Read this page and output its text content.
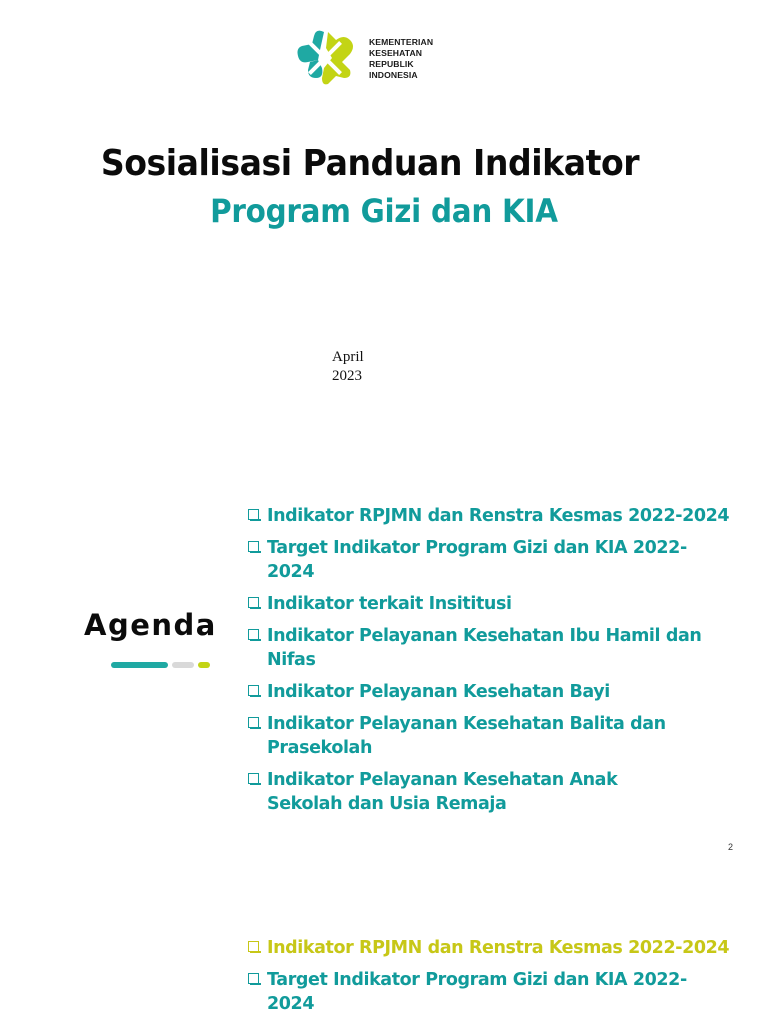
KEMENTERIAN
KESEHATAN
REPUBLIK
INDONESIA
Sosialisasi Panduan Indikator
Program Gizi dan KIA
April
2023
Agenda
Indikator RPJMN dan Renstra Kesmas 2022-2024
Target Indikator Program Gizi dan KIA 2022-2024
Indikator terkait Insititusi
Indikator Pelayanan Kesehatan Ibu Hamil dan Nifas
Indikator Pelayanan Kesehatan Bayi
Indikator Pelayanan Kesehatan Balita dan Prasekolah
Indikator Pelayanan Kesehatan Anak Sekolah dan Usia Remaja
2
Indikator RPJMN dan Renstra Kesmas 2022-2024
Target Indikator Program Gizi dan KIA 2022-2024
